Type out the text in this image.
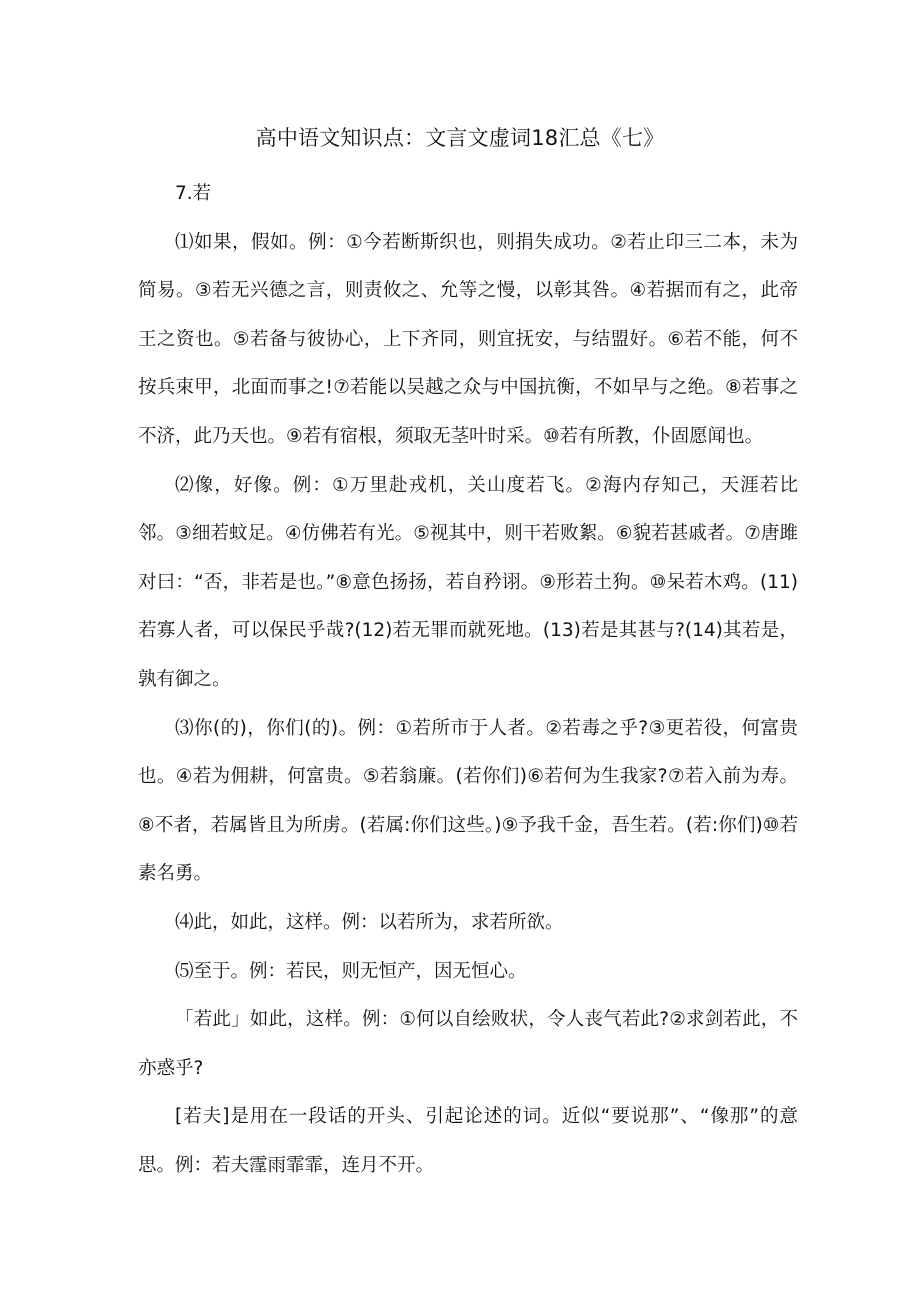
高中语文知识点：文言文虚词18汇总《七》

7.若

⑴如果，假如。例：①今若断斯织也，则捐失成功。②若止印三二本，未为简易。③若无兴德之言，则责攸之、允等之慢，以彰其咎。④若据而有之，此帝王之资也。⑤若备与彼协心，上下齐同，则宜抚安，与结盟好。⑥若不能，何不按兵束甲，北面而事之!⑦若能以吴越之众与中国抗衡，不如早与之绝。⑧若事之不济，此乃天也。⑨若有宿根，须取无茎叶时采。⑩若有所教，仆固愿闻也。

⑵像，好像。例：①万里赴戎机，关山度若飞。②海内存知己，天涯若比邻。③细若蚊足。④仿佛若有光。⑤视其中，则干若败絮。⑥貌若甚戚者。⑦唐雎对曰：“否，非若是也。”⑧意色扬扬，若自矜诩。⑨形若土狗。⑩呆若木鸡。(11)若寡人者，可以保民乎哉?(12)若无罪而就死地。(13)若是其甚与?(14)其若是，孰有御之。

⑶你(的)，你们(的)。例：①若所市于人者。②若毒之乎?③更若役，何富贵也。④若为佣耕，何富贵。⑤若翁廉。(若你们)⑥若何为生我家?⑦若入前为寿。⑧不者，若属皆且为所虏。(若属:你们这些。)⑨予我千金，吾生若。(若:你们)⑩若素名勇。

⑷此，如此，这样。例：以若所为，求若所欲。

⑸至于。例：若民，则无恒产，因无恒心。

「若此」如此，这样。例：①何以自绘败状，令人丧气若此?②求剑若此，不亦惑乎?

[若夫]是用在一段话的开头、引起论述的词。近似“要说那”、“像那”的意思。例：若夫霪雨霏霏，连月不开。
